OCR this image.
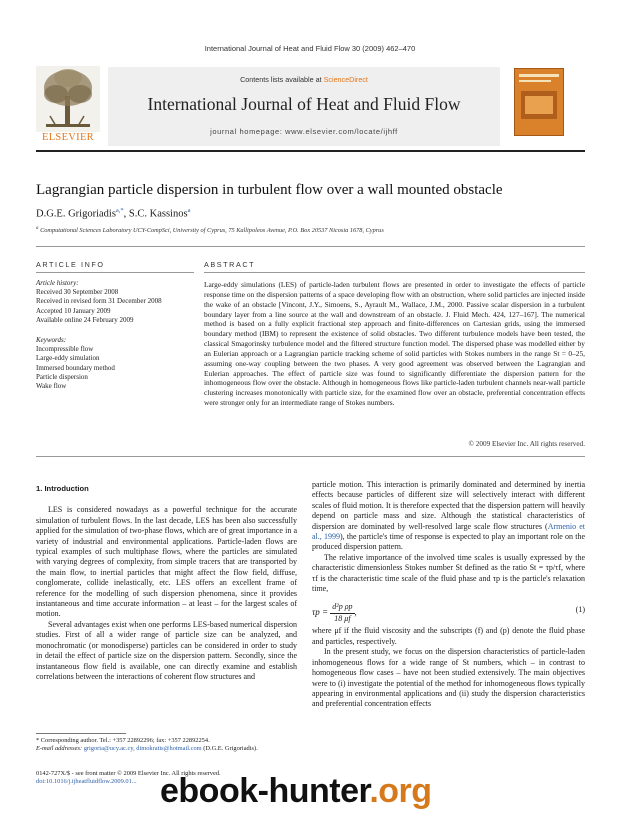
International Journal of Heat and Fluid Flow 30 (2009) 462–470
ELSEVIER
Contents lists available at ScienceDirect
International Journal of Heat and Fluid Flow
journal homepage: www.elsevier.com/locate/ijhff
Lagrangian particle dispersion in turbulent flow over a wall mounted obstacle
D.G.E. Grigoriadis$^{a,*}$, S.C. Kassinos$^a$
$^a$ Computational Sciences Laboratory UCY-CompSci, University of Cyprus, 75 Kallipoleos Avenue, P.O. Box 20537 Nicosia 1678, Cyprus
ARTICLE INFO	ABSTRACT
Article history:
Received 30 September 2008
Received in revised form 31 December 2008
Accepted 10 January 2009
Available online 24 February 2009
Keywords:
Incompressible flow
Large-eddy simulation
Immersed boundary method
Particle dispersion
Wake flow
Large-eddy simulations (LES) of particle-laden turbulent flows are presented in order to investigate the effects of particle response time on the dispersion patterns of a space developing flow with an obstruction, where solid particles are injected inside the wake of an obstacle [Vincont, J.Y., Simoens, S., Ayrault M., Wallace, J.M., 2000. Passive scalar dispersion in a turbulent boundary layer from a line source at the wall and downstream of an obstacle. J. Fluid Mech. 424, 127–167]. The numerical method is based on a fully explicit fractional step approach and finite-differences on Cartesian grids, using the immersed boundary method (IBM) to represent the existence of solid obstacles. Two different turbulence models have been tested, the classical Smagorinsky turbulence model and the filtered structure function model. The dispersed phase was modelled either by an Eulerian approach or a Lagrangian particle tracking scheme of solid particles with Stokes numbers in the range St = 0–25, assuming one-way coupling between the two phases. A very good agreement was observed between the Lagrangian and Eulerian approaches. The effect of particle size was found to significantly differentiate the dispersion pattern for the inhomogeneous flow over the obstacle. Although in homogeneous flows like particle-laden turbulent channels near-wall particle clustering increases monotonically with particle size, for the examined flow over an obstacle, preferential concentration effects were stronger only for an intermediate range of Stokes numbers.
© 2009 Elsevier Inc. All rights reserved.
1. Introduction

LES is considered nowadays as a powerful technique for the accurate simulation of turbulent flows. In the last decade, LES has been also successfully applied for the simulation of two-phase flows, which are of great importance in a variety of industrial and environmental applications. Particle-laden flows are typical examples of such multiphase flows, where the particles are simulated with varying degrees of complexity, from simple tracers that are transported by the main flow, to inertial particles that might affect the flow field, diffuse, conglomerate, collide inelastically, etc. LES offers an excellent frame of reference for the modelling of such dispersion phenomena, since it provides instantaneous and time accurate information – at least – for the largest scales of motion.

Several advantages exist when one performs LES-based numerical dispersion studies. First of all a wider range of particle size can be analyzed, and monochromatic (or monodisperse) particles can be considered in order to study in detail the effect of particle size on the dispersion pattern. Secondly, since the instantaneous flow field is available, one can directly examine and establish correlations between the interactions of coherent flow structures and

particle motion. This interaction is primarily dominated and determined by inertia effects because particles of different size will selectively interact with different scales of fluid motion. It is therefore expected that the dispersion pattern will heavily depend on particle mass and size. Although the statistical characteristics of dispersion are dominated by well-resolved large scale flow structures (Armenio et al., 1999), the particle's time of response is expected to play an important role on the produced dispersion pattern.

The relative importance of the involved time scales is usually expressed by the characteristic dimensionless Stokes number St defined as the ratio St = τp/τf, where τf is the characteristic time scale of the fluid phase and τp is the particle's relaxation time,

$\tau p = \frac{\text{d²p ρp}}{18 \mu f}$ ,	(1)

where μf if the fluid viscosity and the subscripts (f) and (p) denote the fluid phase and particles, respectively.

In the present study, we focus on the dispersion characteristics of particle-laden inhomogeneous flows for a wide range of St numbers, which – in contrast to homogeneous flow cases – have not been studied extensively. The main objectives were to (i) investigate the potential of the method for inhomogeneous flows typically appearing in environmental applications and (ii) study the dispersion characteristics and preferential concentration effects

* Corresponding author. Tel.: +357 22892296; fax: +357 22892254.
E-mail addresses: grigoria@ucy.ac.cy, dimokratis@hotmail.com (D.G.E. Grigoriadis).
0142-727X/$ - see front matter © 2009 Elsevier Inc. All rights reserved.
doi:10.1016/j.ijheatfluidflow.2009.01... ebook-hunter.org
